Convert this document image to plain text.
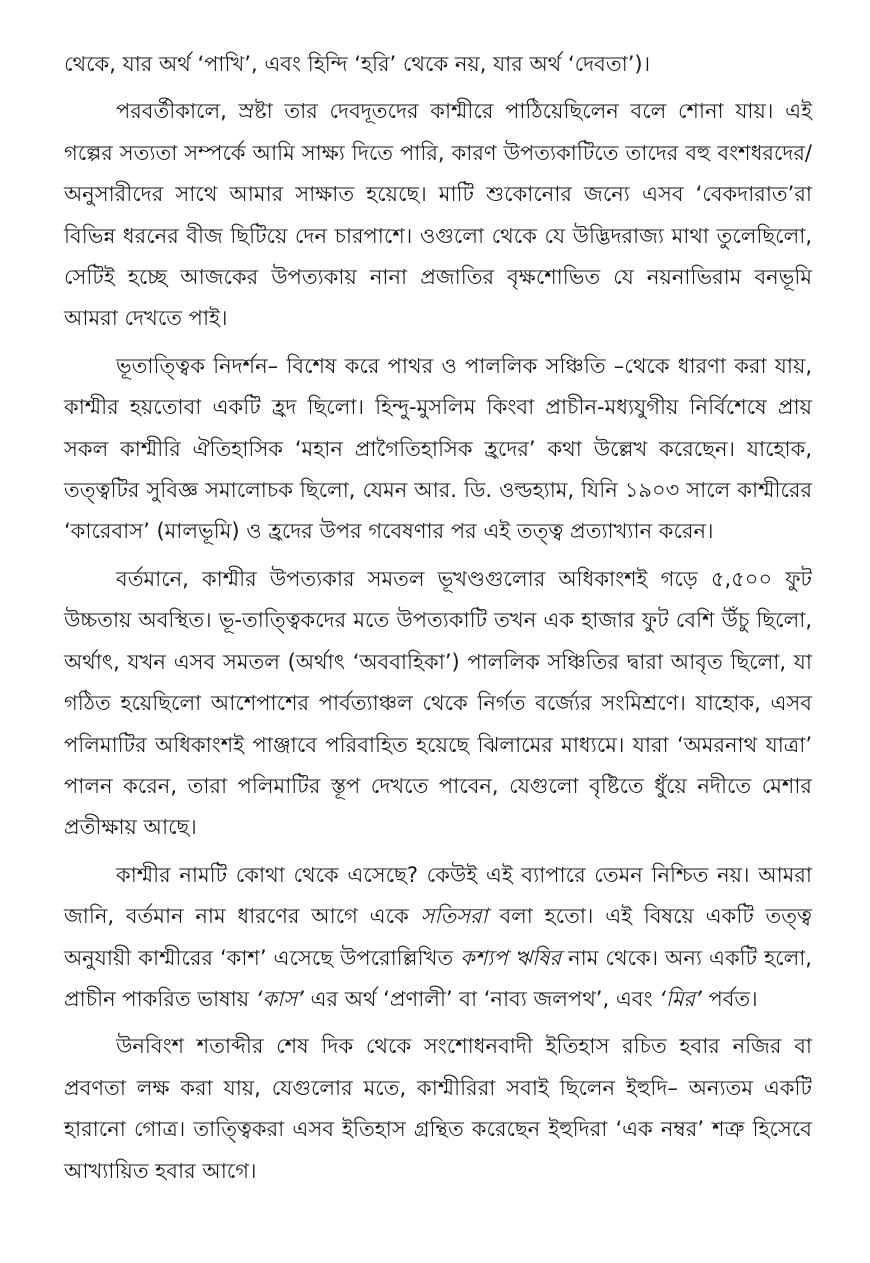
থেকে, যার অর্থ ‘পাখি’, এবং হিন্দি ‘হরি’ থেকে নয়, যার অর্থ ‘দেবতা’)।

পরবর্তীকালে, স্রষ্টা তার দেবদূতদের কাশ্মীরে পাঠিয়েছিলেন বলে শোনা যায়। এই গল্পের সত্যতা সম্পর্কে আমি সাক্ষ্য দিতে পারি, কারণ উপত্যকাটিতে তাদের বহু বংশধরদের/অনুসারীদের সাথে আমার সাক্ষাত হয়েছে। মাটি শুকোনোর জন্যে এসব ‘বেকদারাত’রা বিভিন্ন ধরনের বীজ ছিটিয়ে দেন চারপাশে। ওগুলো থেকে যে উদ্ভিদরাজ্য মাথা তুলেছিলো, সেটিই হচ্ছে আজকের উপত্যকায় নানা প্রজাতির বৃক্ষশোভিত যে নয়নাভিরাম বনভূমি আমরা দেখতে পাই।

ভূতাত্ত্বিক নিদর্শন– বিশেষ করে পাথর ও পাললিক সঞ্চিতি –থেকে ধারণা করা যায়, কাশ্মীর হয়তোবা একটি হ্রদ ছিলো। হিন্দু-মুসলিম কিংবা প্রাচীন-মধ্যযুগীয় নির্বিশেষে প্রায় সকল কাশ্মীরি ঐতিহাসিক ‘মহান প্রাগৈতিহাসিক হ্রদের’ কথা উল্লেখ করেছেন। যাহোক, তত্ত্বটির সুবিজ্ঞ সমালোচক ছিলো, যেমন আর. ডি. ওল্ডহ্যাম, যিনি ১৯০৩ সালে কাশ্মীরের ‘কারেবাস’ (মালভূমি) ও হ্রদের উপর গবেষণার পর এই তত্ত্ব প্রত্যাখ্যান করেন।

বর্তমানে, কাশ্মীর উপত্যকার সমতল ভূখণ্ডগুলোর অধিকাংশই গড়ে ৫,৫০০ ফুট উচ্চতায় অবস্থিত। ভূ-তাত্ত্বিকদের মতে উপত্যকাটি তখন এক হাজার ফুট বেশি উঁচু ছিলো, অর্থাৎ, যখন এসব সমতল (অর্থাৎ ‘অববাহিকা’) পাললিক সঞ্চিতির দ্বারা আবৃত ছিলো, যা গঠিত হয়েছিলো আশেপাশের পার্বত্যাঞ্চল থেকে নির্গত বর্জ্যের সংমিশ্রণে। যাহোক, এসব পলিমাটির অধিকাংশই পাঞ্জাবে পরিবাহিত হয়েছে ঝিলামের মাধ্যমে। যারা ‘অমরনাথ যাত্রা’ পালন করেন, তারা পলিমাটির স্তূপ দেখতে পাবেন, যেগুলো বৃষ্টিতে ধুঁয়ে নদীতে মেশার প্রতীক্ষায় আছে।

কাশ্মীর নামটি কোথা থেকে এসেছে? কেউই এই ব্যাপারে তেমন নিশ্চিত নয়। আমরা জানি, বর্তমান নাম ধারণের আগে একে সতিসরা বলা হতো। এই বিষয়ে একটি তত্ত্ব অনুযায়ী কাশ্মীরের ‘কাশ’ এসেছে উপরোল্লিখিত কশ্যপ ঋষির নাম থেকে। অন্য একটি হলো, প্রাচীন পাকরিত ভাষায় ‘কাস’ এর অর্থ ‘প্রণালী’ বা ‘নাব্য জলপথ’, এবং ‘মির’ পর্বত।

উনবিংশ শতাব্দীর শেষ দিক থেকে সংশোধনবাদী ইতিহাস রচিত হবার নজির বা প্রবণতা লক্ষ করা যায়, যেগুলোর মতে, কাশ্মীরিরা সবাই ছিলেন ইহুদি– অন্যতম একটি হারানো গোত্র। তাত্ত্বিকরা এসব ইতিহাস গ্রন্থিত করেছেন ইহুদিরা ‘এক নম্বর’ শত্রু হিসেবে আখ্যায়িত হবার আগে।
